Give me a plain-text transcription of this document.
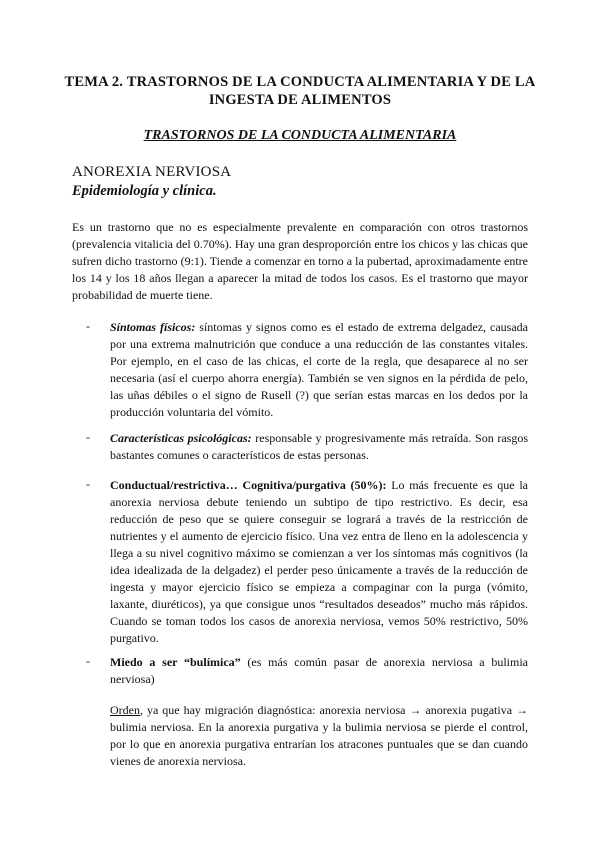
TEMA 2. TRASTORNOS DE LA CONDUCTA ALIMENTARIA Y DE LA
INGESTA DE ALIMENTOS
TRASTORNOS DE LA CONDUCTA ALIMENTARIA
ANOREXIA NERVIOSA
Epidemiología y clínica.
Es un trastorno que no es especialmente prevalente en comparación con otros trastornos (prevalencia vitalicia del 0.70%). Hay una gran desproporción entre los chicos y las chicas que sufren dicho trastorno (9:1). Tiende a comenzar en torno a la pubertad, aproximadamente entre los 14 y los 18 años llegan a aparecer la mitad de todos los casos. Es el trastorno que mayor probabilidad de muerte tiene.
- Síntomas físicos: síntomas y signos como es el estado de extrema delgadez, causada por una extrema malnutrición que conduce a una reducción de las constantes vitales. Por ejemplo, en el caso de las chicas, el corte de la regla, que desaparece al no ser necesaria (así el cuerpo ahorra energía). También se ven signos en la pérdida de pelo, las uñas débiles o el signo de Rusell (?) que serían estas marcas en los dedos por la producción voluntaria del vómito.
- Características psicológicas: responsable y progresivamente más retraída. Son rasgos bastantes comunes o característicos de estas personas.
- Conductual/restrictiva… Cognitiva/purgativa (50%): Lo más frecuente es que la anorexia nerviosa debute teniendo un subtipo de tipo restrictivo. Es decir, esa reducción de peso que se quiere conseguir se logrará a través de la restricción de nutrientes y el aumento de ejercicio físico. Una vez entra de lleno en la adolescencia y llega a su nivel cognitivo máximo se comienzan a ver los síntomas más cognitivos (la idea idealizada de la delgadez) el perder peso únicamente a través de la reducción de ingesta y mayor ejercicio físico se empieza a compaginar con la purga (vómito, laxante, diuréticos), ya que consigue unos “resultados deseados” mucho más rápidos. Cuando se toman todos los casos de anorexia nerviosa, vemos 50% restrictivo, 50% purgativo.
- Miedo a ser “bulímica” (es más común pasar de anorexia nerviosa a bulimia nerviosa)
Orden, ya que hay migración diagnóstica: anorexia nerviosa → anorexia pugativa → bulimia nerviosa. En la anorexia purgativa y la bulimia nerviosa se pierde el control, por lo que en anorexia purgativa entrarían los atracones puntuales que se dan cuando vienes de anorexia nerviosa.
